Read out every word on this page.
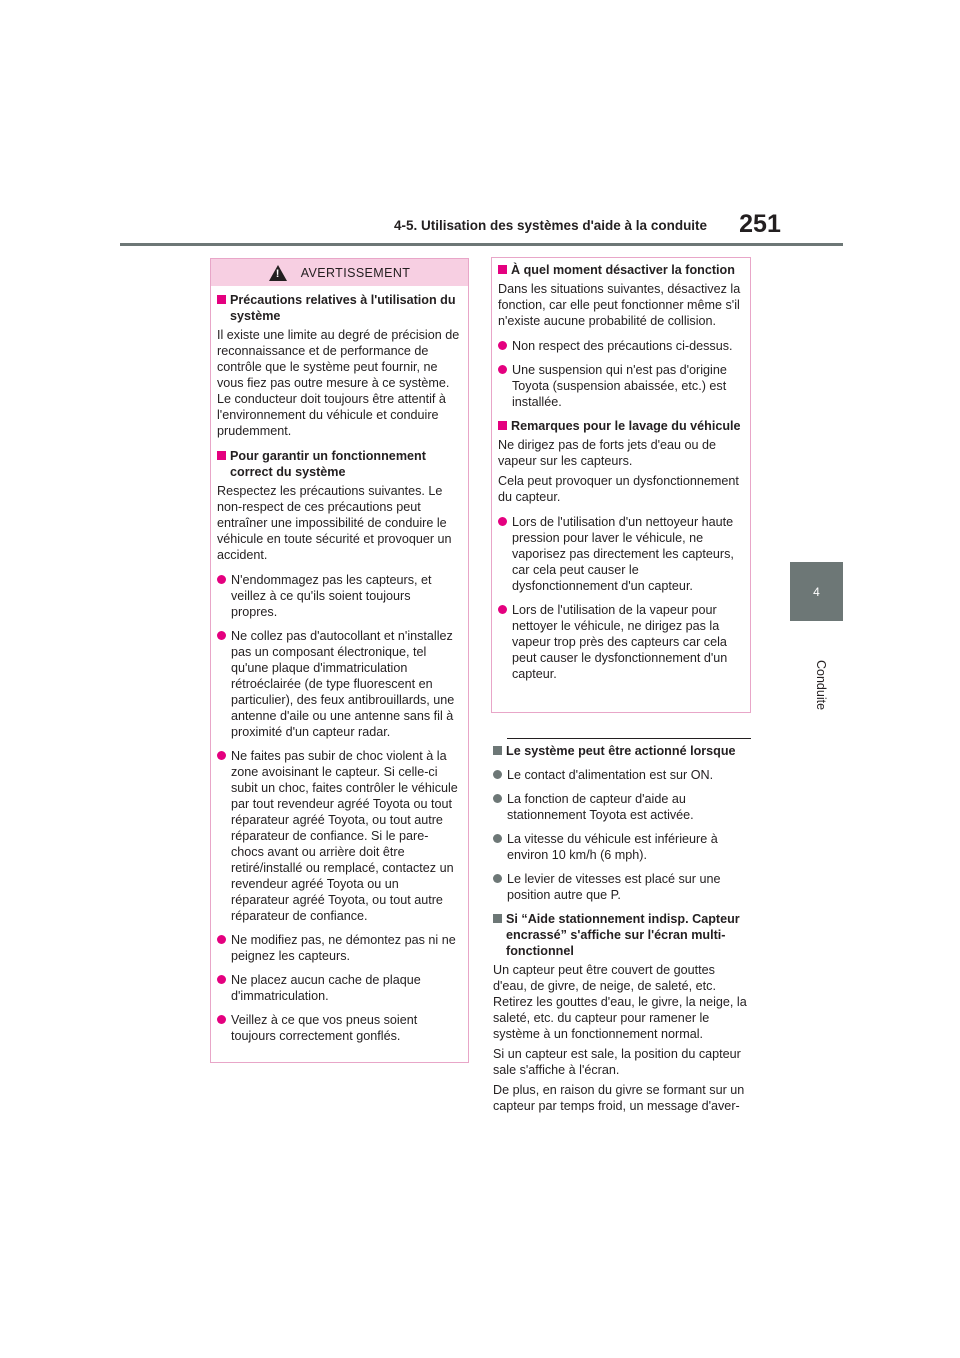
4-5. Utilisation des systèmes d'aide à la conduite	251
4
Conduite
!
AVERTISSEMENT
Précautions relatives à l'utilisation du système
Il existe une limite au degré de précision de reconnaissance et de performance de contrôle que le système peut fournir, ne vous fiez pas outre mesure à ce système. Le conducteur doit toujours être attentif à l'environnement du véhicule et conduire prudemment.
Pour garantir un fonctionnement correct du système
Respectez les précautions suivantes. Le non-respect de ces précautions peut entraîner une impossibilité de conduire le véhicule en toute sécurité et provoquer un accident.
N'endommagez pas les capteurs, et veillez à ce qu'ils soient toujours propres.
Ne collez pas d'autocollant et n'installez pas un composant électronique, tel qu'une plaque d'immatriculation rétroéclairée (de type fluorescent en particulier), des feux antibrouillards, une antenne d'aile ou une antenne sans fil à proximité d'un capteur radar.
Ne faites pas subir de choc violent à la zone avoisinant le capteur. Si celle-ci subit un choc, faites contrôler le véhicule par tout revendeur agréé Toyota ou tout réparateur agréé Toyota, ou tout autre réparateur de confiance. Si le pare-chocs avant ou arrière doit être retiré/installé ou remplacé, contactez un revendeur agréé Toyota ou un réparateur agréé Toyota, ou tout autre réparateur de confiance.
Ne modifiez pas, ne démontez pas ni ne peignez les capteurs.
Ne placez aucun cache de plaque d'immatriculation.
Veillez à ce que vos pneus soient toujours correctement gonflés.
À quel moment désactiver la fonction
Dans les situations suivantes, désactivez la fonction, car elle peut fonctionner même s'il n'existe aucune probabilité de collision.
Non respect des précautions ci-dessus.
Une suspension qui n'est pas d'origine Toyota (suspension abaissée, etc.) est installée.
Remarques pour le lavage du véhicule
Ne dirigez pas de forts jets d'eau ou de vapeur sur les capteurs.
Cela peut provoquer un dysfonctionnement du capteur.
Lors de l'utilisation d'un nettoyeur haute pression pour laver le véhicule, ne vaporisez pas directement les capteurs, car cela peut causer le dysfonctionnement d'un capteur.
Lors de l'utilisation de la vapeur pour nettoyer le véhicule, ne dirigez pas la vapeur trop près des capteurs car cela peut causer le dysfonctionnement d'un capteur.
Le système peut être actionné lorsque
Le contact d'alimentation est sur ON.
La fonction de capteur d'aide au stationnement Toyota est activée.
La vitesse du véhicule est inférieure à environ 10 km/h (6 mph).
Le levier de vitesses est placé sur une position autre que P.
Si “Aide stationnement indisp. Capteur encrassé” s'affiche sur l'écran multi-fonctionnel
Un capteur peut être couvert de gouttes d'eau, de givre, de neige, de saleté, etc. Retirez les gouttes d'eau, le givre, la neige, la saleté, etc. du capteur pour ramener le système à un fonctionnement normal.
Si un capteur est sale, la position du capteur sale s'affiche à l'écran.
De plus, en raison du givre se formant sur un capteur par temps froid, un message d'aver-
